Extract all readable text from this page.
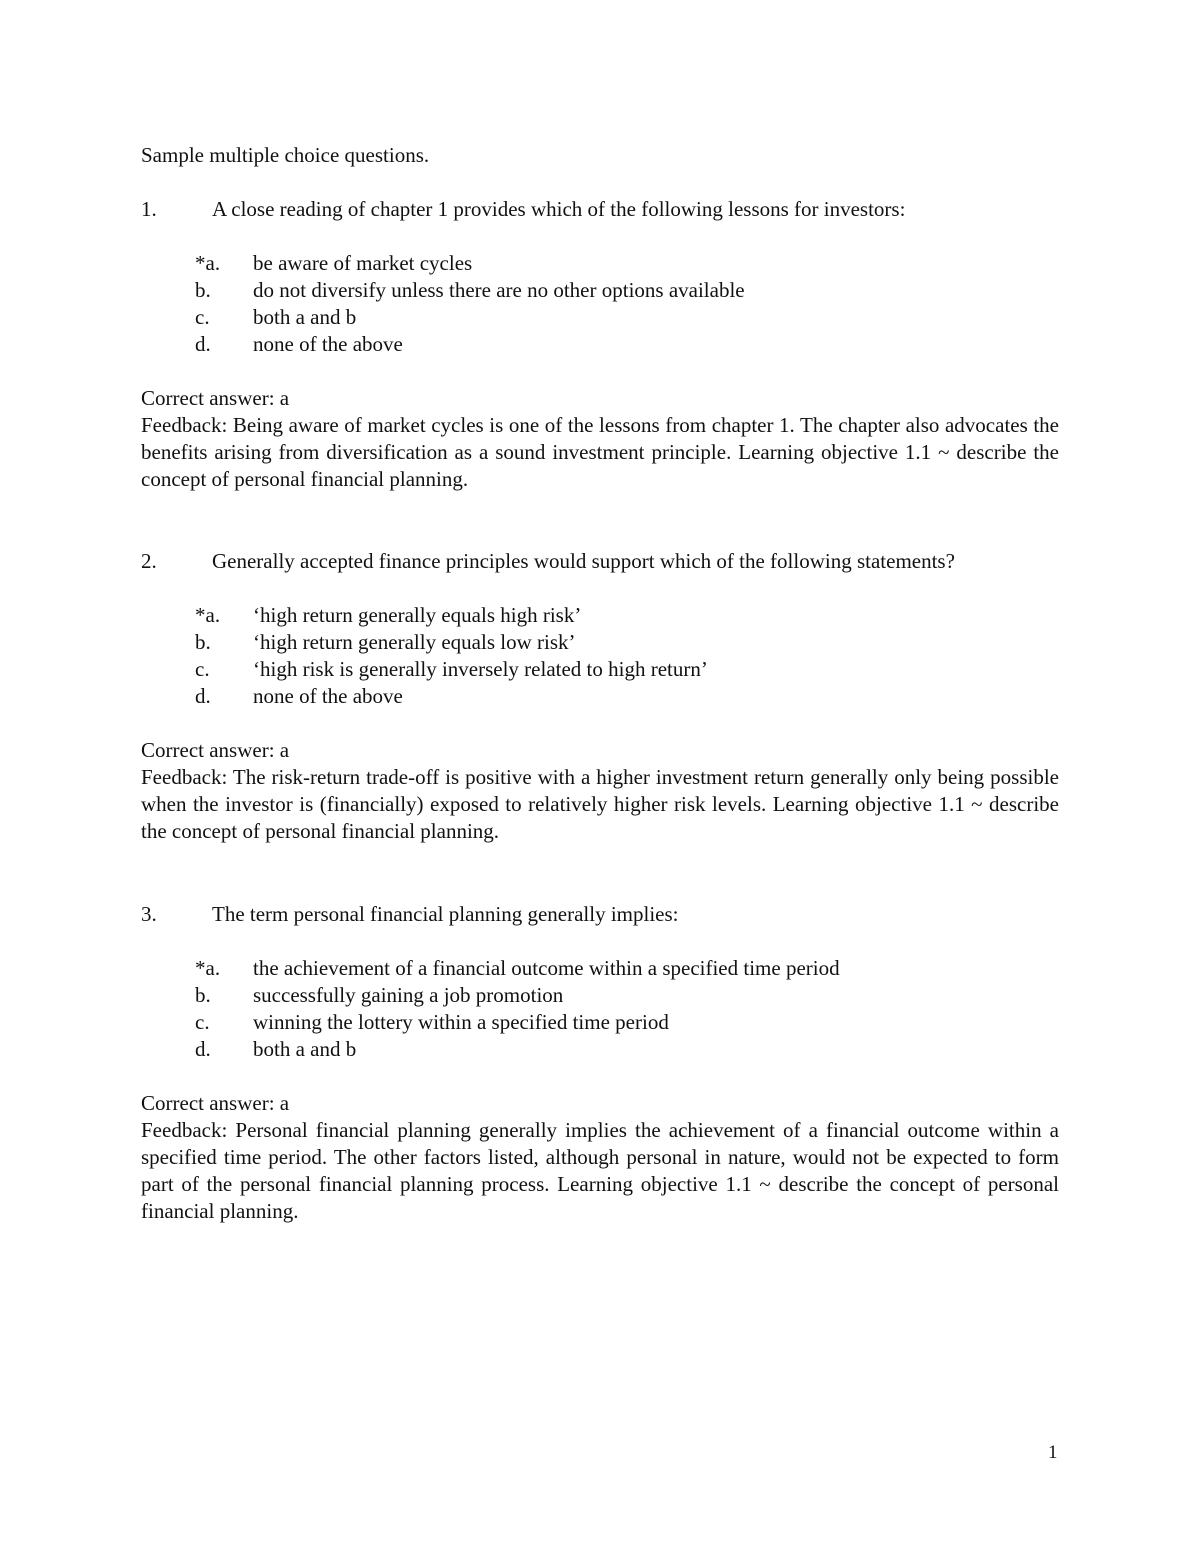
Sample multiple choice questions.
1.	A close reading of chapter 1 provides which of the following lessons for investors:
*a. be aware of market cycles
b. do not diversify unless there are no other options available
c. both a and b
d. none of the above
Correct answer: a
Feedback: Being aware of market cycles is one of the lessons from chapter 1. The chapter also advocates the benefits arising from diversification as a sound investment principle. Learning objective 1.1 ~ describe the concept of personal financial planning.
2.	Generally accepted finance principles would support which of the following statements?
*a. ‘high return generally equals high risk’
b. ‘high return generally equals low risk’
c. ‘high risk is generally inversely related to high return’
d. none of the above
Correct answer: a
Feedback: The risk-return trade-off is positive with a higher investment return generally only being possible when the investor is (financially) exposed to relatively higher risk levels. Learning objective 1.1 ~ describe the concept of personal financial planning.
3.	The term personal financial planning generally implies:
*a. the achievement of a financial outcome within a specified time period
b. successfully gaining a job promotion
c. winning the lottery within a specified time period
d. both a and b
Correct answer: a
Feedback: Personal financial planning generally implies the achievement of a financial outcome within a specified time period. The other factors listed, although personal in nature, would not be expected to form part of the personal financial planning process. Learning objective 1.1 ~ describe the concept of personal financial planning.
1
